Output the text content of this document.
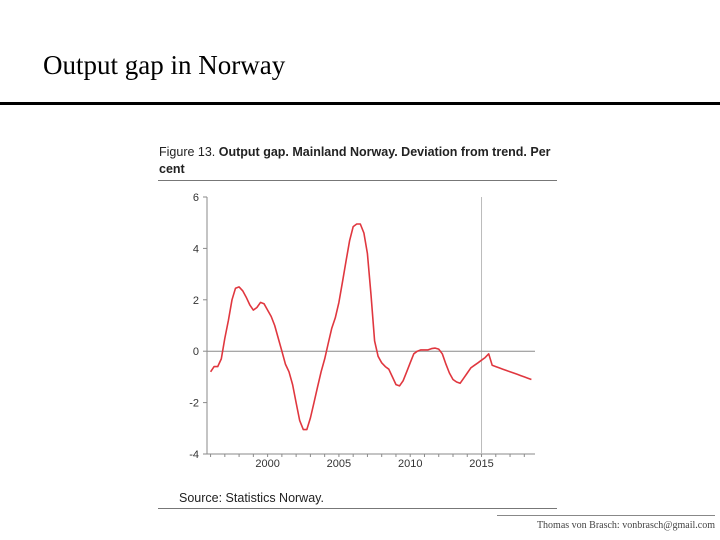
Output gap in Norway
Figure 13. Output gap. Mainland Norway. Deviation from trend. Per cent
6
4
2
0
-2
-4
2000	2005	2010	2015
Source: Statistics Norway.
Thomas von Brasch: vonbrasch@gmail.com
